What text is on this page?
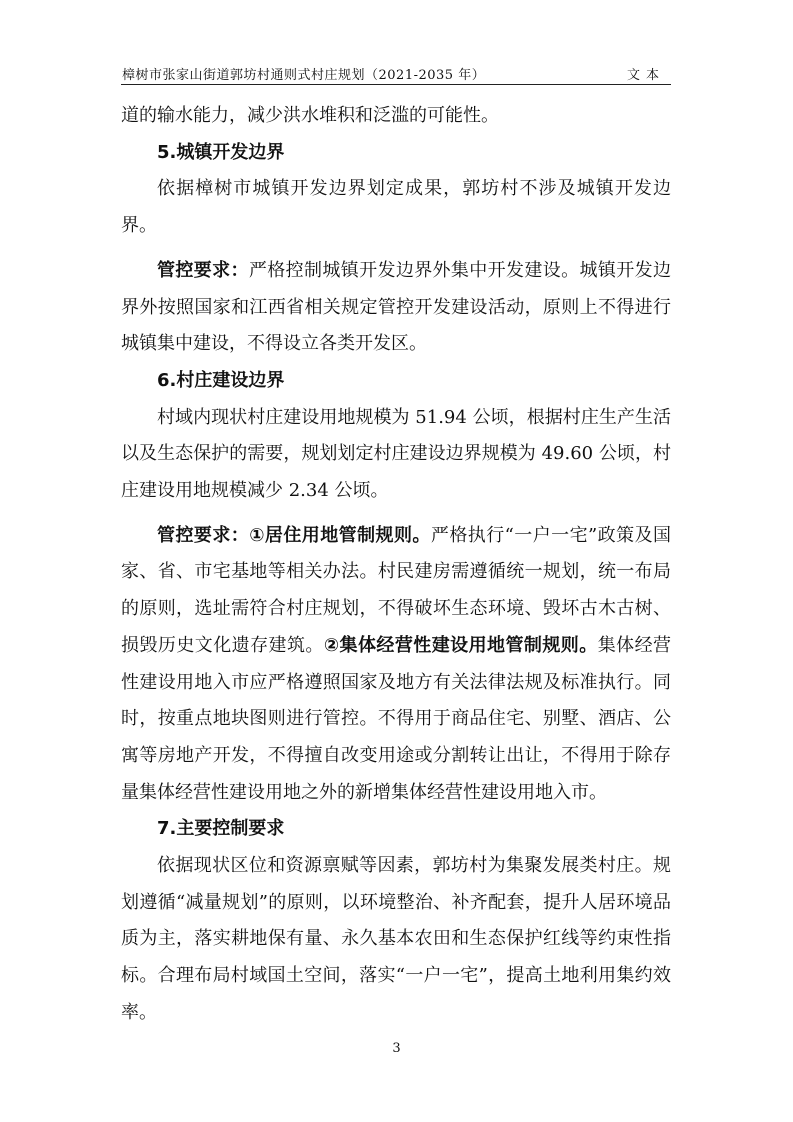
樟树市张家山街道郭坊村通则式村庄规划（2021-2035 年）	文本

道的输水能力，减少洪水堆积和泛滥的可能性。

5.城镇开发边界

依据樟树市城镇开发边界划定成果，郭坊村不涉及城镇开发边界。

管控要求：严格控制城镇开发边界外集中开发建设。城镇开发边界外按照国家和江西省相关规定管控开发建设活动，原则上不得进行城镇集中建设，不得设立各类开发区。

6.村庄建设边界

村域内现状村庄建设用地规模为 51.94 公顷，根据村庄生产生活以及生态保护的需要，规划划定村庄建设边界规模为 49.60 公顷，村庄建设用地规模减少 2.34 公顷。

管控要求：①居住用地管制规则。严格执行“一户一宅”政策及国家、省、市宅基地等相关办法。村民建房需遵循统一规划，统一布局的原则，选址需符合村庄规划，不得破坏生态环境、毁坏古木古树、损毁历史文化遗存建筑。②集体经营性建设用地管制规则。集体经营性建设用地入市应严格遵照国家及地方有关法律法规及标准执行。同时，按重点地块图则进行管控。不得用于商品住宅、别墅、酒店、公寓等房地产开发，不得擅自改变用途或分割转让出让，不得用于除存量集体经营性建设用地之外的新增集体经营性建设用地入市。

7.主要控制要求

依据现状区位和资源禀赋等因素，郭坊村为集聚发展类村庄。规划遵循“减量规划”的原则，以环境整治、补齐配套，提升人居环境品质为主，落实耕地保有量、永久基本农田和生态保护红线等约束性指标。合理布局村域国土空间，落实“一户一宅”，提高土地利用集约效率。

3
